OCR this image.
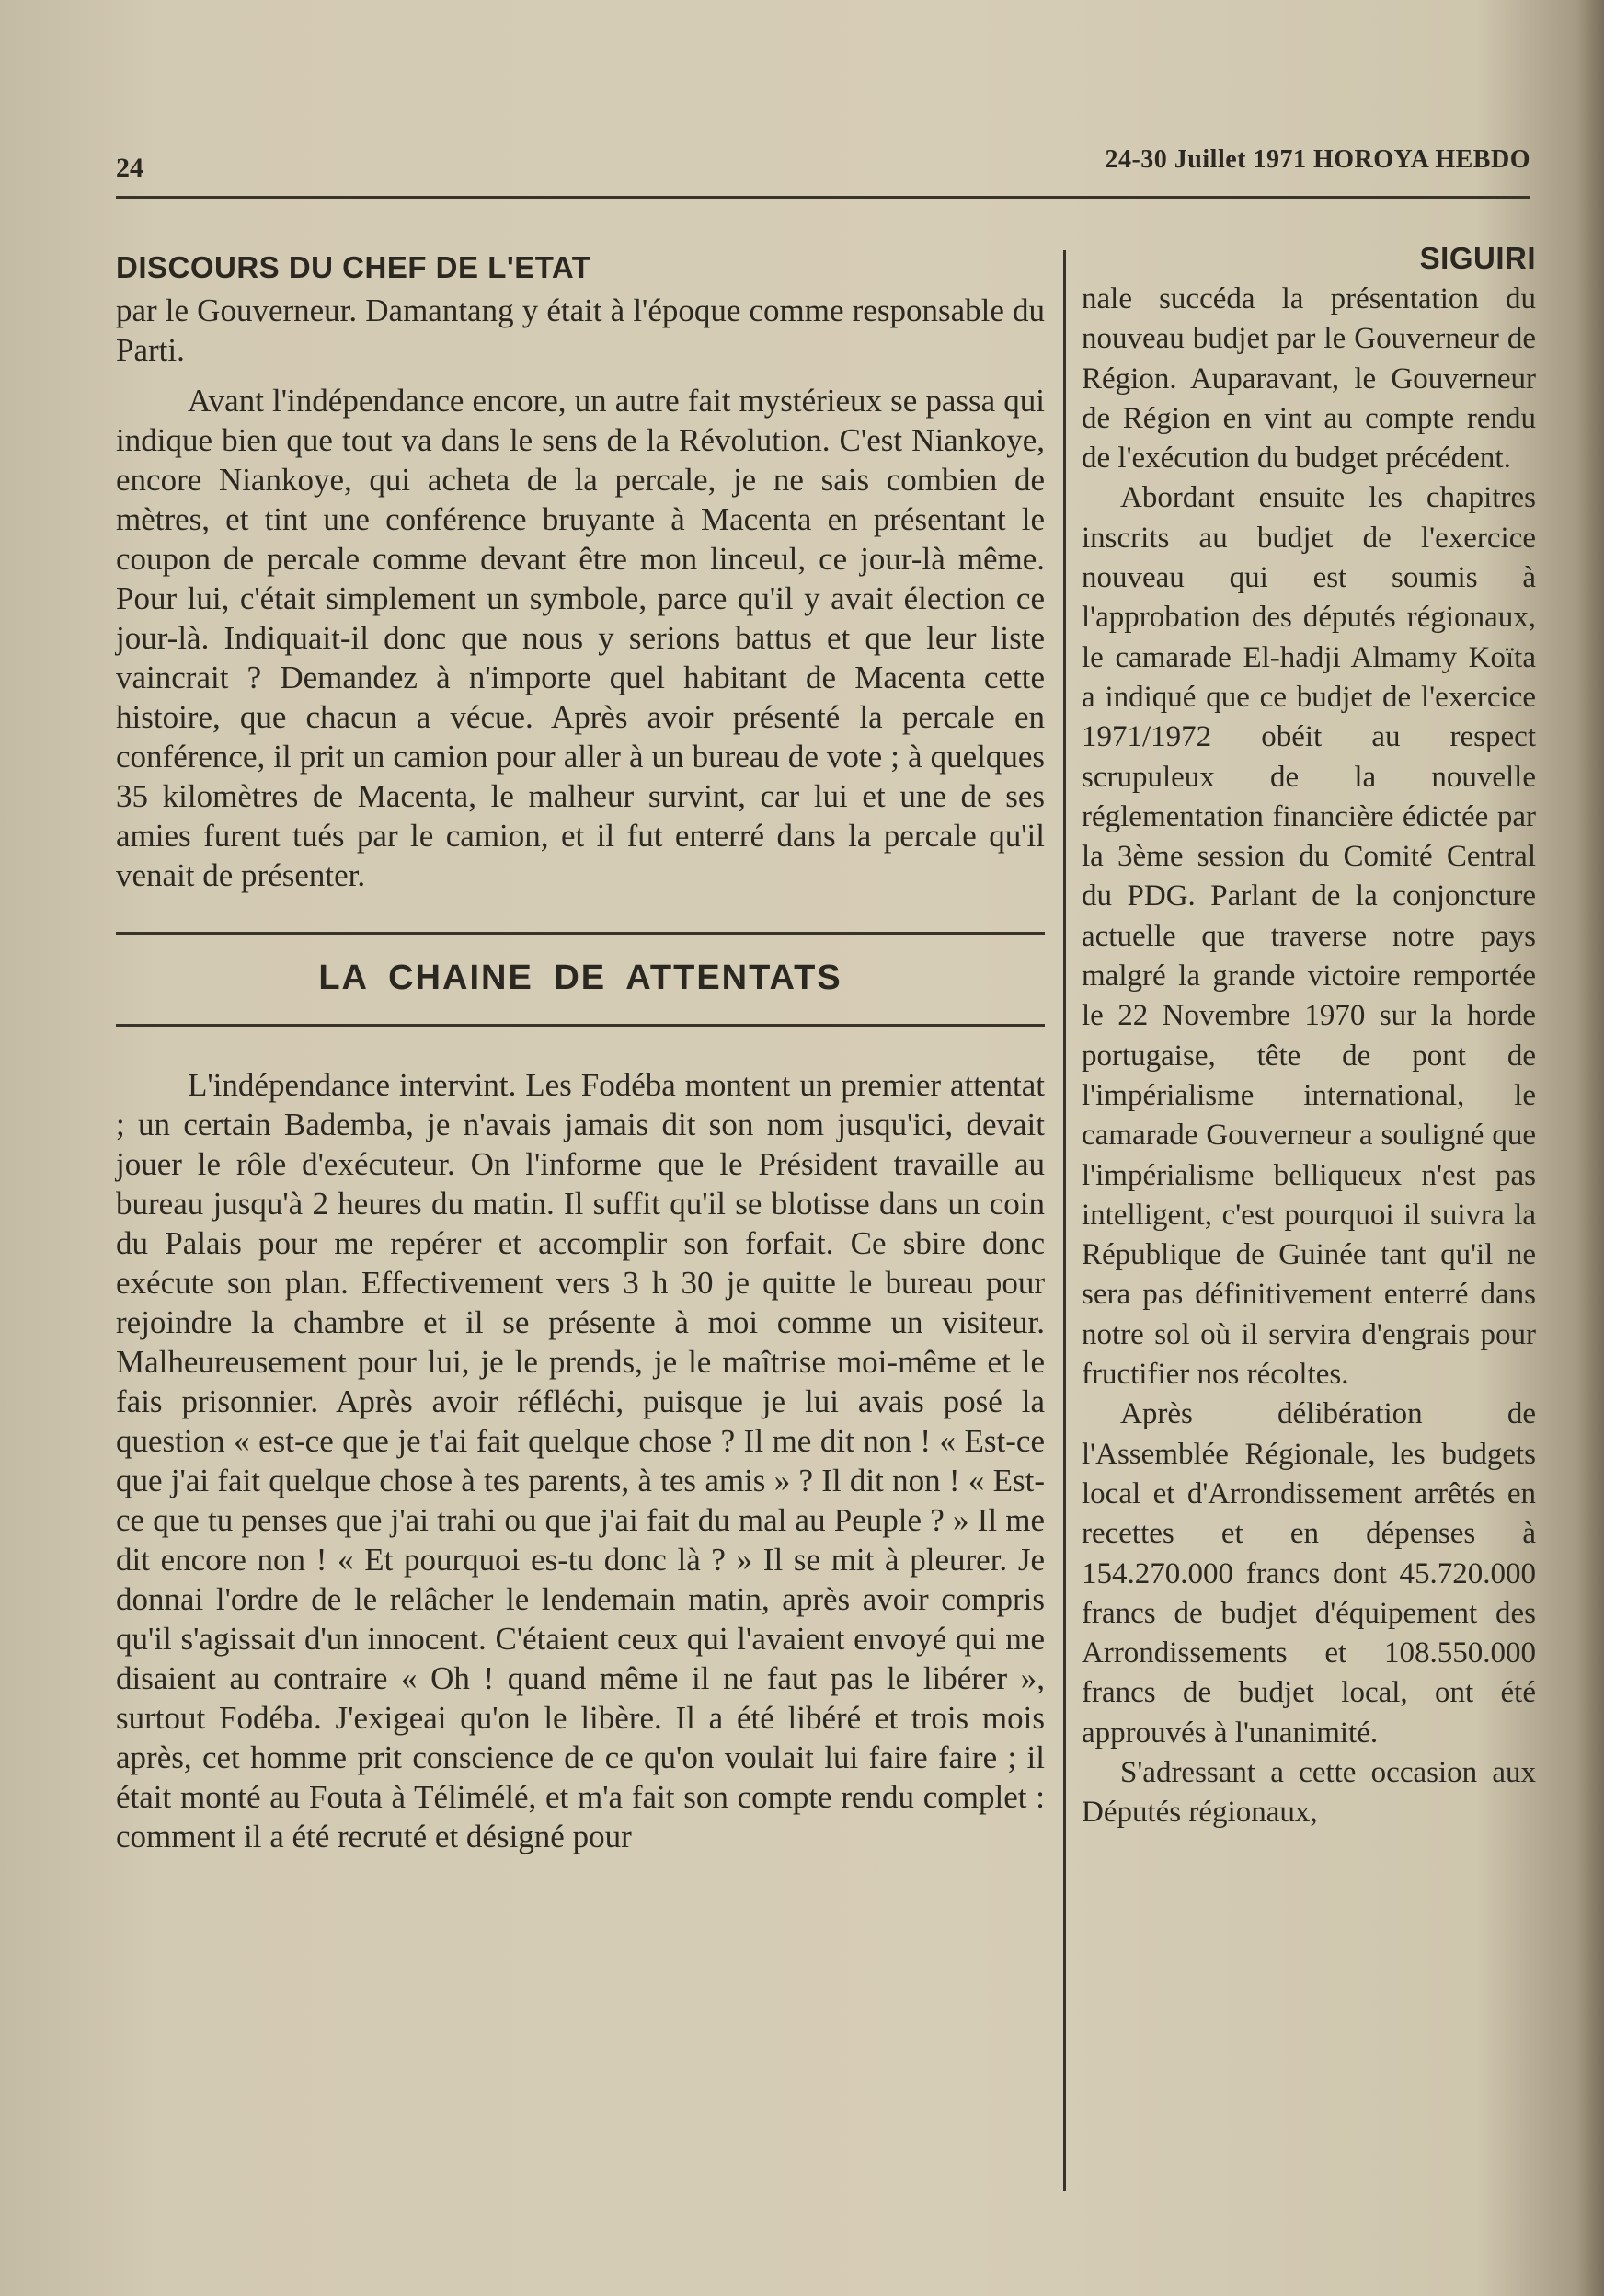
24	24-30 Juillet 1971 HOROYA HEBDO
DISCOURS DU CHEF DE L'ETAT

par le Gouverneur. Damantang y était à l'époque comme responsable du Parti.

Avant l'indépendance encore, un autre fait mystérieux se passa qui indique bien que tout va dans le sens de la Révolution. C'est Niankoye, encore Niankoye, qui acheta de la percale, je ne sais combien de mètres, et tint une conférence bruyante à Macenta en présentant le coupon de percale comme devant être mon linceul, ce jour-là même. Pour lui, c'était simplement un symbole, parce qu'il y avait élection ce jour-là. Indiquait-il donc que nous y serions battus et que leur liste vaincrait ? Demandez à n'importe quel habitant de Macenta cette histoire, que chacun a vécue. Après avoir présenté la percale en conférence, il prit un camion pour aller à un bureau de vote ; à quelques 35 kilomètres de Macenta, le malheur survint, car lui et une de ses amies furent tués par le camion, et il fut enterré dans la percale qu'il venait de présenter.

LA CHAINE DE ATTENTATS

L'indépendance intervint. Les Fodéba montent un premier attentat ; un certain Bademba, je n'avais jamais dit son nom jusqu'ici, devait jouer le rôle d'exécuteur. On l'informe que le Président travaille au bureau jusqu'à 2 heures du matin. Il suffit qu'il se blotisse dans un coin du Palais pour me repérer et accomplir son forfait. Ce sbire donc exécute son plan. Effectivement vers 3 h 30 je quitte le bureau pour rejoindre la chambre et il se présente à moi comme un visiteur. Malheureusement pour lui, je le prends, je le maîtrise moi-même et le fais prisonnier. Après avoir réfléchi, puisque je lui avais posé la question « est-ce que je t'ai fait quelque chose ? Il me dit non ! « Est-ce que j'ai fait quelque chose à tes parents, à tes amis » ? Il dit non ! « Est-ce que tu penses que j'ai trahi ou que j'ai fait du mal au Peuple ? » Il me dit encore non ! « Et pourquoi es-tu donc là ? » Il se mit à pleurer. Je donnai l'ordre de le relâcher le lendemain matin, après avoir compris qu'il s'agissait d'un innocent. C'étaient ceux qui l'avaient envoyé qui me disaient au contraire « Oh ! quand même il ne faut pas le libérer », surtout Fodéba. J'exigeai qu'on le libère. Il a été libéré et trois mois après, cet homme prit conscience de ce qu'on voulait lui faire faire ; il était monté au Fouta à Télimélé, et m'a fait son compte rendu complet : comment il a été recruté et désigné pour

SIGUIRI

nale succéda la présentation du nouveau budjet par le Gouverneur de Région. Auparavant, le Gouverneur de Région en vint au compte rendu de l'exécution du budget précédent.

Abordant ensuite les chapitres inscrits au budjet de l'exercice nouveau qui est soumis à l'approbation des députés régionaux, le camarade El-hadji Almamy Koïta a indiqué que ce budjet de l'exercice 1971/1972 obéit au respect scrupuleux de la nouvelle réglementation financière édictée par la 3ème session du Comité Central du PDG. Parlant de la conjoncture actuelle que traverse notre pays malgré la grande victoire remportée le 22 Novembre 1970 sur la horde portugaise, tête de pont de l'impérialisme international, le camarade Gouverneur a souligné que l'impérialisme belliqueux n'est pas intelligent, c'est pourquoi il suivra la République de Guinée tant qu'il ne sera pas définitivement enterré dans notre sol où il servira d'engrais pour fructifier nos récoltes.

Après délibération de l'Assemblée Régionale, les budgets local et d'Arrondissement arrêtés en recettes et en dépenses à 154.270.000 francs dont 45.720.000 francs de budjet d'équipement des Arrondissements et 108.550.000 francs de budjet local, ont été approuvés à l'unanimité.

S'adressant a cette occasion aux Députés régionaux,
